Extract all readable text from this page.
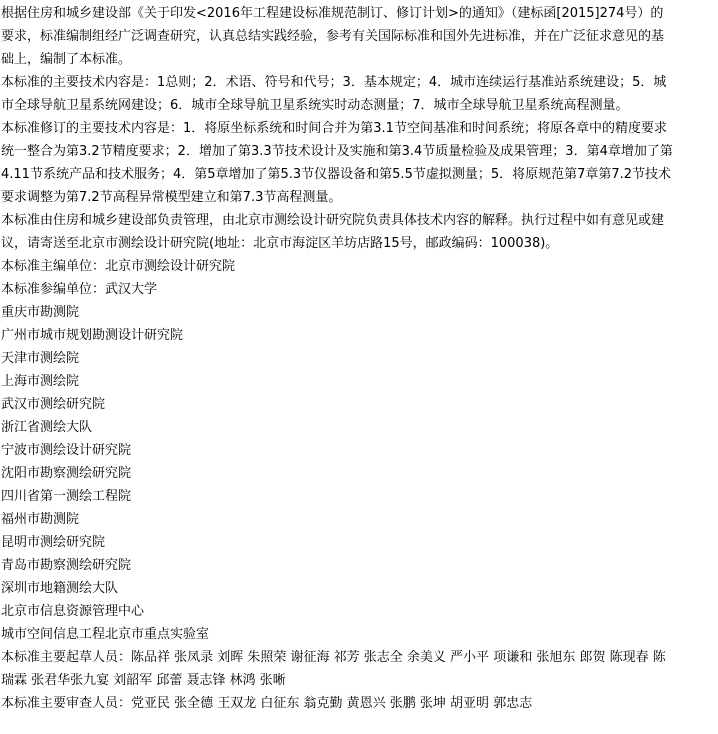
根据住房和城乡建设部《关于印发<2016年工程建设标准规范制订、修订计划>的通知》（建标函[2015]274号）的
要求，标准编制组经广泛调查研究，认真总结实践经验，参考有关国际标准和国外先进标准，并在广泛征求意见的基
础上，编制了本标准。
本标准的主要技术内容是：1总则；2．术语、符号和代号；3．基本规定；4．城市连续运行基准站系统建设；5．城
市全球导航卫星系统网建设；6．城市全球导航卫星系统实时动态测量；7．城市全球导航卫星系统高程测量。
本标准修订的主要技术内容是：1．将原坐标系统和时间合并为第3.1节空间基准和时间系统；将原各章中的精度要求
统一整合为第3.2节精度要求；2．增加了第3.3节技术设计及实施和第3.4节质量检验及成果管理；3．第4章增加了第
4.11节系统产品和技术服务；4．第5章增加了第5.3节仪器设备和第5.5节虚拟测量；5．将原规范第7章第7.2节技术
要求调整为第7.2节高程异常模型建立和第7.3节高程测量。
本标准由住房和城乡建设部负责管理，由北京市测绘设计研究院负责具体技术内容的解释。执行过程中如有意见或建
议，请寄送至北京市测绘设计研究院(地址：北京市海淀区羊坊店路15号，邮政编码：100038)。
本标准主编单位：北京市测绘设计研究院
本标准参编单位：武汉大学
重庆市勘测院
广州市城市规划勘测设计研究院
天津市测绘院
上海市测绘院
武汉市测绘研究院
浙江省测绘大队
宁波市测绘设计研究院
沈阳市勘察测绘研究院
四川省第一测绘工程院
福州市勘测院
昆明市测绘研究院
青岛市勘察测绘研究院
深圳市地籍测绘大队
北京市信息资源管理中心
城市空间信息工程北京市重点实验室
本标准主要起草人员：陈品祥 张凤录 刘晖 朱照荣 谢征海 祁芳 张志全 余美义 严小平 项谦和 张旭东 郎贺 陈现春 陈
瑞霖 张君华张九宴 刘韶军 邱蕾 聂志锋 林鸿 张晰
本标准主要审查人员：党亚民 张全德 王双龙 白征东 翁克勤 黄恩兴 张鹏 张坤 胡亚明 郭忠志
